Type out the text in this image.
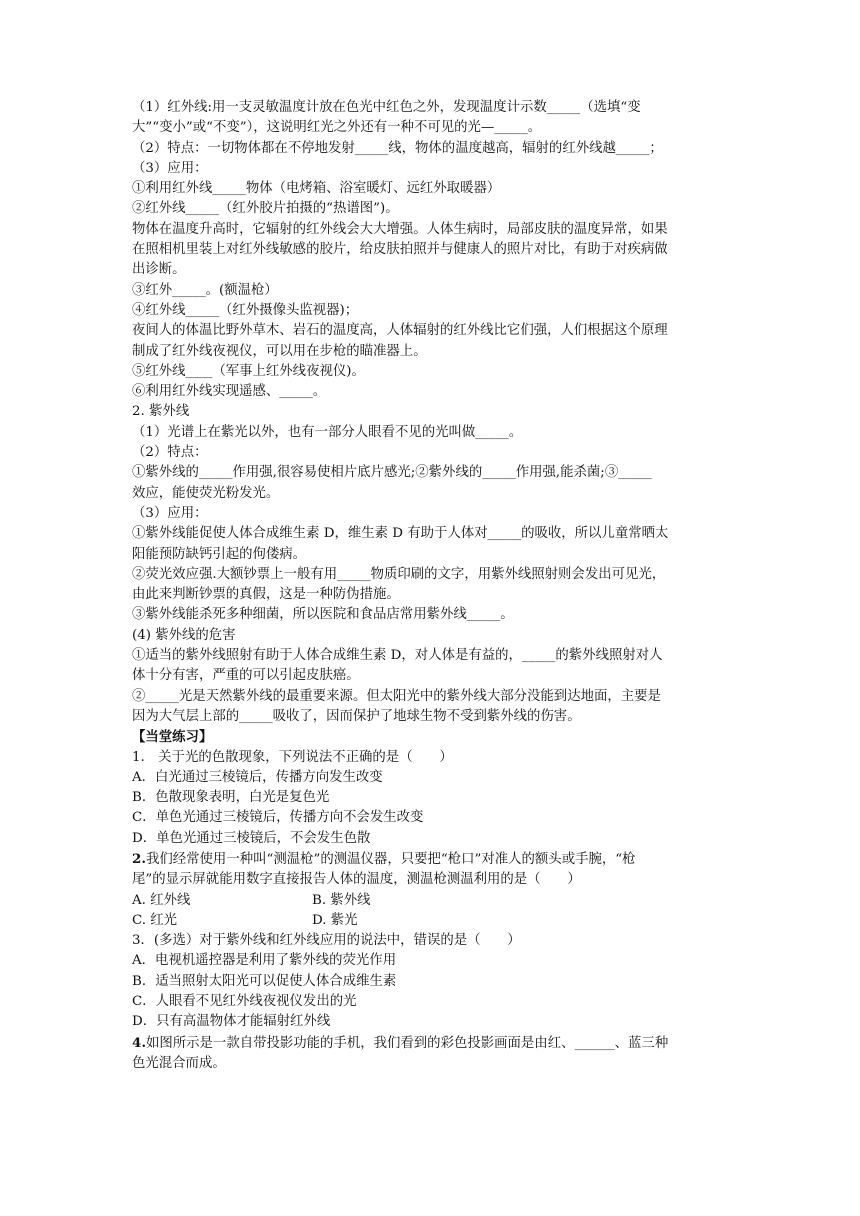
（1）红外线:用一支灵敏温度计放在色光中红色之外，发现温度计示数_____（选填“变

大”“变小”或“不变”），这说明红光之外还有一种不可见的光—_____。

（2）特点：一切物体都在不停地发射_____线，物体的温度越高，辐射的红外线越_____；

（3）应用：

①利用红外线_____物体（电烤箱、浴室暖灯、远红外取暖器）

②红外线_____（红外胶片拍摄的“热谱图”)。

物体在温度升高时，它辐射的红外线会大大增强。人体生病时，局部皮肤的温度异常，如果

在照相机里装上对红外线敏感的胶片，给皮肤拍照并与健康人的照片对比，有助于对疾病做

出诊断。

③红外_____。(额温枪）

④红外线_____（红外摄像头监视器)；

夜间人的体温比野外草木、岩石的温度高，人体辐射的红外线比它们强，人们根据这个原理

制成了红外线夜视仪，可以用在步枪的瞄准器上。

⑤红外线____（军事上红外线夜视仪)。

⑥利用红外线实现遥感、_____。

2. 紫外线

（1）光谱上在紫光以外，也有一部分人眼看不见的光叫做_____。

（2）特点：

①紫外线的_____作用强,很容易使相片底片感光;②紫外线的_____作用强,能杀菌;③_____

效应，能使荧光粉发光。

（3）应用：

①紫外线能促使人体合成维生素 D，维生素 D 有助于人体对_____的吸收，所以儿童常晒太

阳能预防缺钙引起的佝偻病。

②荧光效应强.大额钞票上一般有用_____物质印刷的文字，用紫外线照射则会发出可见光，

由此来判断钞票的真假，这是一种防伪措施。

③紫外线能杀死多种细菌，所以医院和食品店常用紫外线_____。

(4) 紫外线的危害

①适当的紫外线照射有助于人体合成维生素 D，对人体是有益的，_____的紫外线照射对人

体十分有害，严重的可以引起皮肤癌。

②_____光是天然紫外线的最重要来源。但太阳光中的紫外线大部分没能到达地面，主要是

因为大气层上部的_____吸收了，因而保护了地球生物不受到紫外线的伤害。

【当堂练习】

1.　关于光的色散现象，下列说法不正确的是（　　）

A．白光通过三棱镜后，传播方向发生改变

B．色散现象表明，白光是复色光

C．单色光通过三棱镜后，传播方向不会发生改变

D．单色光通过三棱镜后，不会发生色散

2.我们经常使用一种叫“测温枪”的测温仪器，只要把“枪口”对准人的额头或手腕，“枪

尾”的显示屏就能用数字直接报告人体的温度，测温枪测温利用的是（　　）

A. 红外线	B. 紫外线

C. 红光	D. 紫光

3．(多选）对于紫外线和红外线应用的说法中，错误的是（　　）

A．电视机遥控器是利用了紫外线的荧光作用

B．适当照射太阳光可以促使人体合成维生素

C．人眼看不见红外线夜视仪发出的光

D．只有高温物体才能辐射红外线

4.如图所示是一款自带投影功能的手机，我们看到的彩色投影画面是由红、______、蓝三种

色光混合而成。
